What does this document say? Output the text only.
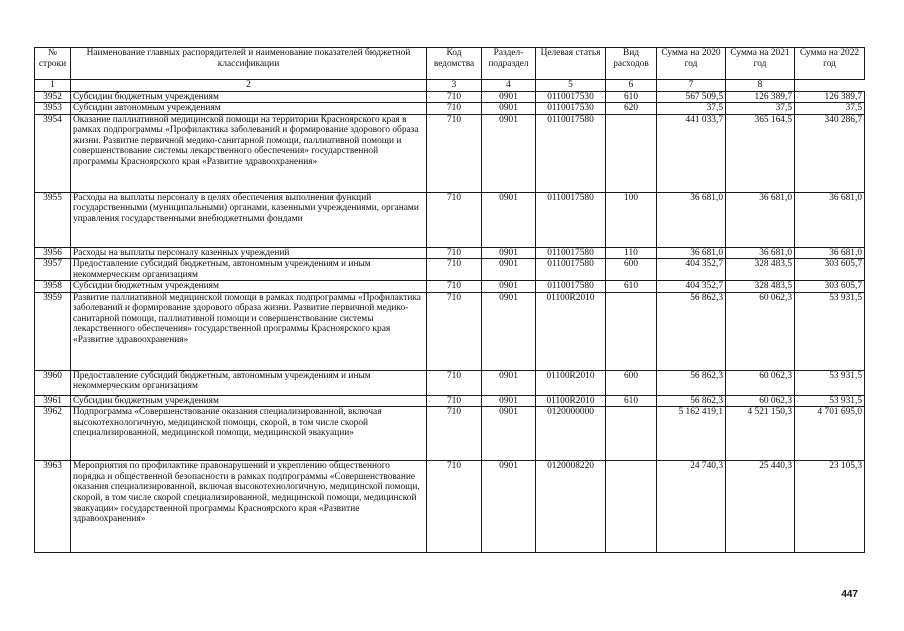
№ строки	Наименование главных распорядителей и наименование показателей бюджетной классификации	Код ведомства	Раздел-подраздел	Целевая статья	Вид расходов	Сумма на 2020 год	Сумма на 2021 год	Сумма на 2022 год
1	2	3	4	5	6	7	8	
3952	Субсидии бюджетным учреждениям	710	0901	0110017530	610	567 509,5	126 389,7	126 389,7
3953	Субсидии автономным учреждениям	710	0901	0110017530	620	37,5	37,5	37,5
3954	Оказание паллиативной медицинской помощи на территории Красноярского края в рамках подпрограммы «Профилактика заболеваний и формирование здорового образа жизни. Развитие первичной медико-санитарной помощи, паллиативной помощи и совершенствование системы лекарственного обеспечения» государственной программы Красноярского края «Развитие здравоохранения»	710	0901	0110017580		441 033,7	365 164,5	340 286,7
3955	Расходы на выплаты персоналу в целях обеспечения выполнения функций государственными (муниципальными) органами, казенными учреждениями, органами управления государственными внебюджетными фондами	710	0901	0110017580	100	36 681,0	36 681,0	36 681,0
3956	Расходы на выплаты персоналу казенных учреждений	710	0901	0110017580	110	36 681,0	36 681,0	36 681,0
3957	Предоставление субсидий бюджетным, автономным учреждениям и иным некоммерческим организациям	710	0901	0110017580	600	404 352,7	328 483,5	303 605,7
3958	Субсидии бюджетным учреждениям	710	0901	0110017580	610	404 352,7	328 483,5	303 605,7
3959	Развитие паллиативной медицинской помощи в рамках подпрограммы «Профилактика заболеваний и формирование здорового образа жизни. Развитие первичной медико-санитарной помощи, паллиативной помощи и совершенствование системы лекарственного обеспечения» государственной программы Красноярского края «Развитие здравоохранения»	710	0901	01100R2010		56 862,3	60 062,3	53 931,5
3960	Предоставление субсидий бюджетным, автономным учреждениям и иным некоммерческим организациям	710	0901	01100R2010	600	56 862,3	60 062,3	53 931,5
3961	Субсидии бюджетным учреждениям	710	0901	01100R2010	610	56 862,3	60 062,3	53 931,5
3962	Подпрограмма «Совершенствование оказания специализированной, включая высокотехнологичную, медицинской помощи, скорой, в том числе скорой специализированной, медицинской помощи, медицинской эвакуации»	710	0901	0120000000		5 162 419,1	4 521 150,3	4 701 695,0
3963	Мероприятия по профилактике правонарушений и укреплению общественного порядка и общественной безопасности в рамках подпрограммы «Совершенствование оказания специализированной, включая высокотехнологичную, медицинской помощи, скорой, в том числе скорой специализированной, медицинской помощи, медицинской эвакуации» государственной программы Красноярского края «Развитие здравоохранения»	710	0901	0120008220		24 740,3	25 440,3	23 105,3
447
